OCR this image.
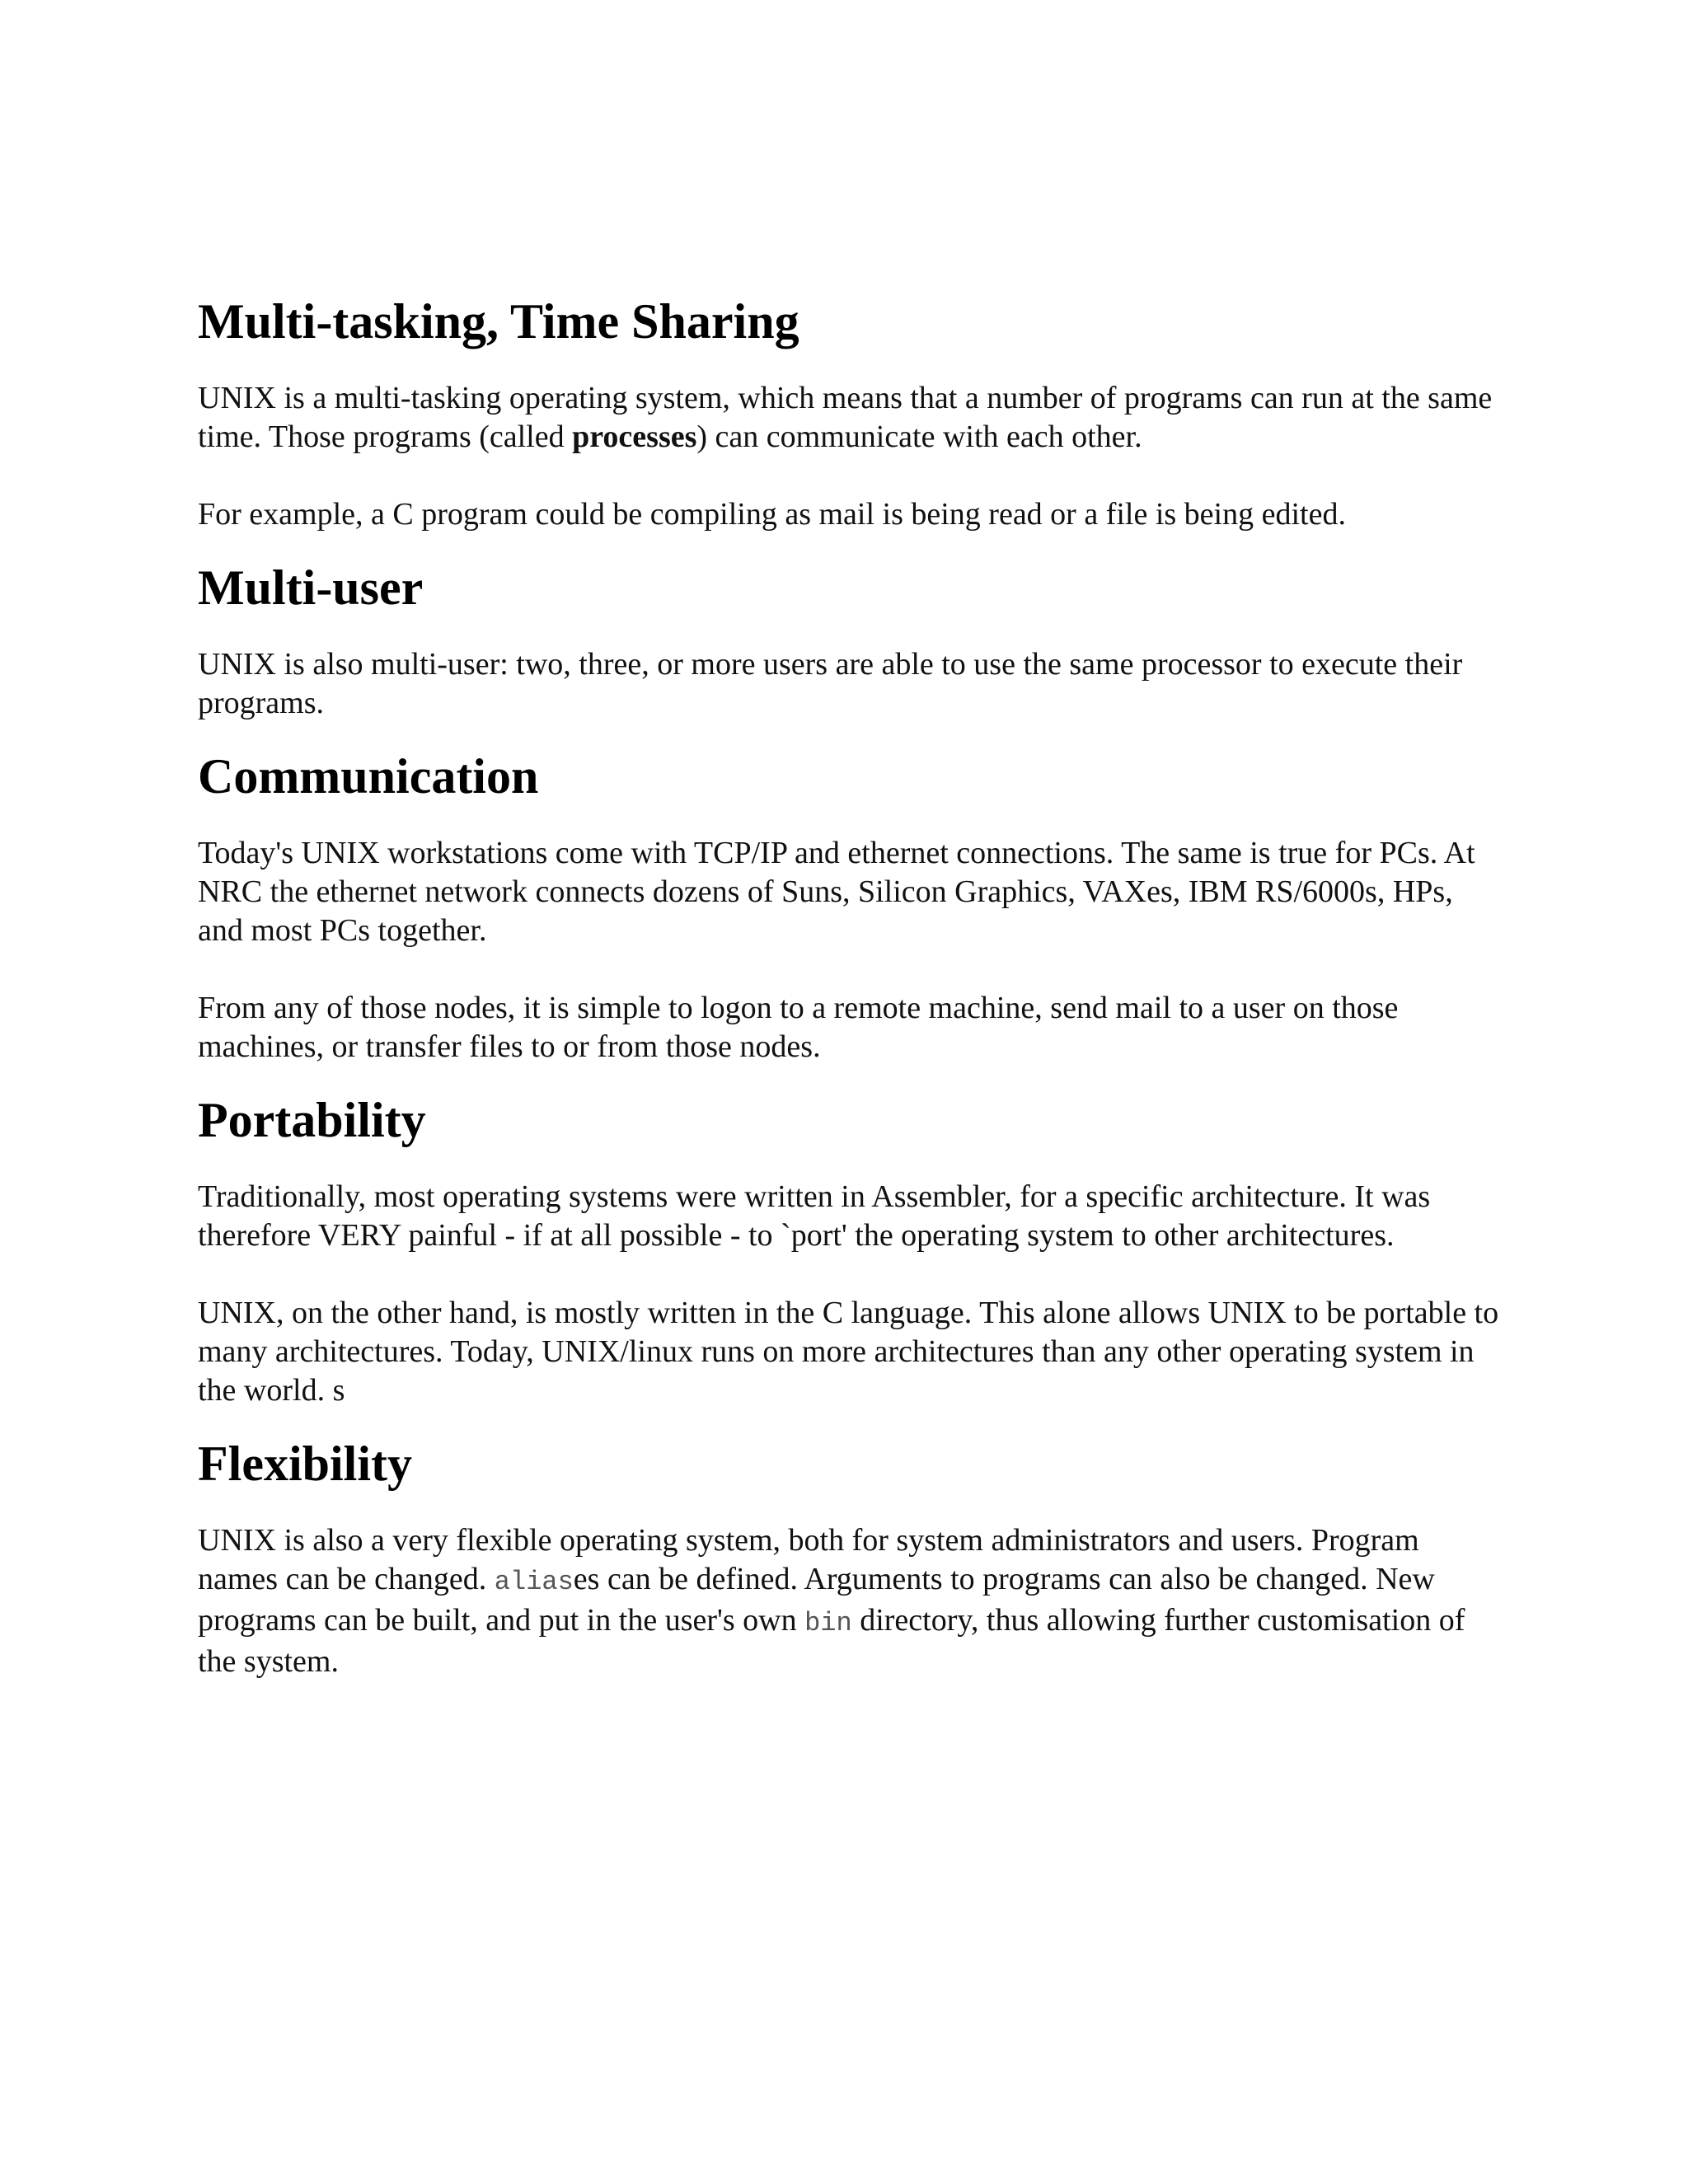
Multi-tasking, Time Sharing

UNIX is a multi-tasking operating system, which means that a number of programs can run at the same time. Those programs (called processes) can communicate with each other.

For example, a C program could be compiling as mail is being read or a file is being edited.

Multi-user

UNIX is also multi-user: two, three, or more users are able to use the same processor to execute their programs.

Communication

Today's UNIX workstations come with TCP/IP and ethernet connections. The same is true for PCs. At NRC the ethernet network connects dozens of Suns, Silicon Graphics, VAXes, IBM RS/6000s, HPs, and most PCs together.

From any of those nodes, it is simple to logon to a remote machine, send mail to a user on those machines, or transfer files to or from those nodes.

Portability

Traditionally, most operating systems were written in Assembler, for a specific architecture. It was therefore VERY painful - if at all possible - to `port' the operating system to other architectures.

UNIX, on the other hand, is mostly written in the C language. This alone allows UNIX to be portable to many architectures. Today, UNIX/linux runs on more architectures than any other operating system in the world. s

Flexibility

UNIX is also a very flexible operating system, both for system administrators and users. Program names can be changed. aliases can be defined. Arguments to programs can also be changed. New programs can be built, and put in the user's own bin directory, thus allowing further customisation of the system.
